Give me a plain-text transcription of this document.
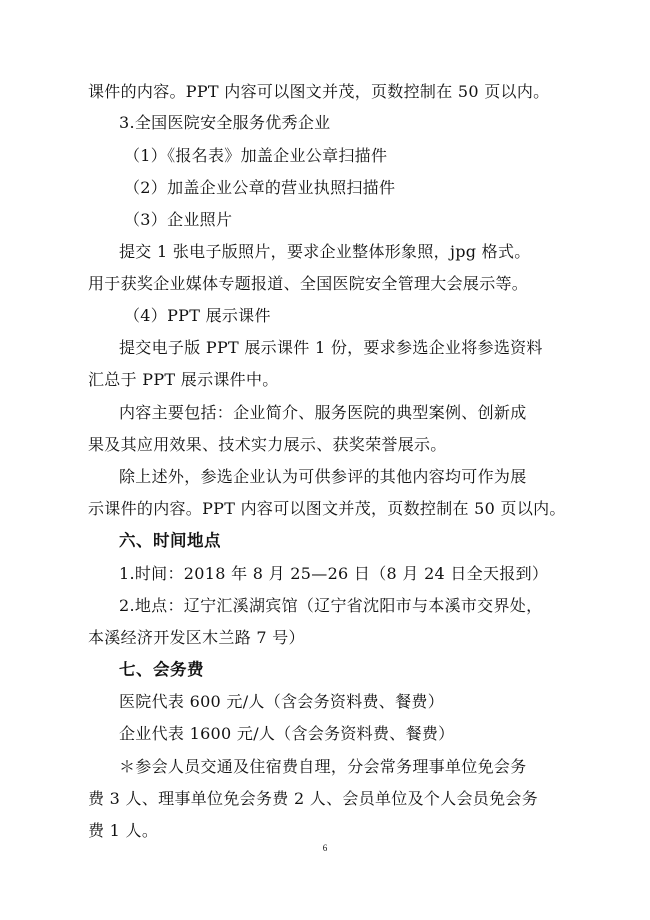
课件的内容。PPT 内容可以图文并茂，页数控制在 50 页以内。
3.全国医院安全服务优秀企业
（1）《报名表》加盖企业公章扫描件
（2）加盖企业公章的营业执照扫描件
（3）企业照片
提交 1 张电子版照片，要求企业整体形象照，jpg 格式。
用于获奖企业媒体专题报道、全国医院安全管理大会展示等。
（4）PPT 展示课件
提交电子版 PPT 展示课件 1 份，要求参选企业将参选资料
汇总于 PPT 展示课件中。
内容主要包括：企业简介、服务医院的典型案例、创新成
果及其应用效果、技术实力展示、获奖荣誉展示。
除上述外，参选企业认为可供参评的其他内容均可作为展
示课件的内容。PPT 内容可以图文并茂，页数控制在 50 页以内。
六、时间地点
1.时间：2018 年 8 月 25—26 日（8 月 24 日全天报到）
2.地点：辽宁汇溪湖宾馆（辽宁省沈阳市与本溪市交界处，
本溪经济开发区木兰路 7 号）
七、会务费
医院代表 600 元/人（含会务资料费、餐费）
企业代表 1600 元/人（含会务资料费、餐费）
＊参会人员交通及住宿费自理，分会常务理事单位免会务
费 3 人、理事单位免会务费 2 人、会员单位及个人会员免会务
费 1 人。
6
